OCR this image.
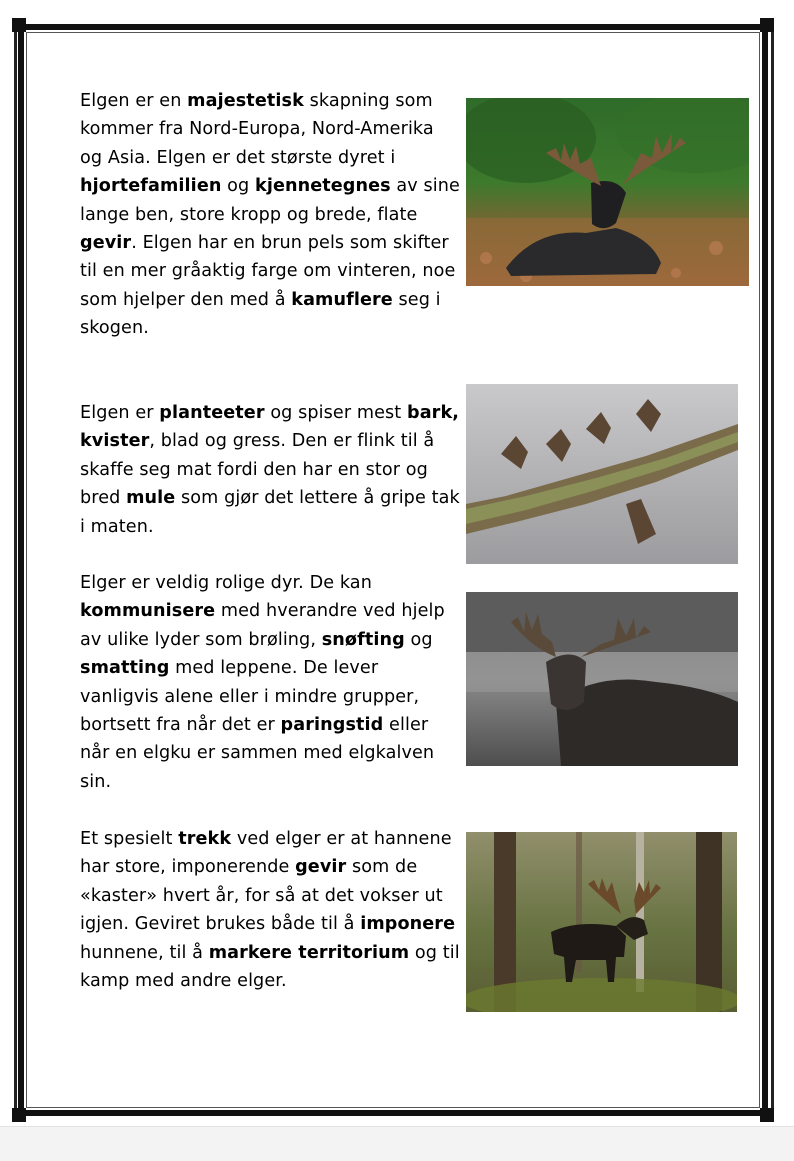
Elgen er en majestetisk skapning som kommer fra Nord-Europa, Nord-Amerika og Asia. Elgen er det største dyret i hjortefamilien og kjennetegnes av sine lange ben, store kropp og brede, flate gevir. Elgen har en brun pels som skifter til en mer gråaktig farge om vinteren, noe som hjelper den med å kamuflere seg i skogen.
Elgen er planteeter og spiser mest bark, kvister, blad og gress. Den er flink til å skaffe seg mat fordi den har en stor og bred mule som gjør det lettere å gripe tak i maten.
Elger er veldig rolige dyr. De kan kommunisere med hverandre ved hjelp av ulike lyder som brøling, snøfting og smatting med leppene. De lever vanligvis alene eller i mindre grupper, bortsett fra når det er paringstid eller når en elgku er sammen med elgkalven sin.
Et spesielt trekk ved elger er at hannene har store, imponerende gevir som de «kaster» hvert år, for så at det vokser ut igjen. Geviret brukes både til å imponere hunnene, til å markere territorium og til kamp med andre elger.
